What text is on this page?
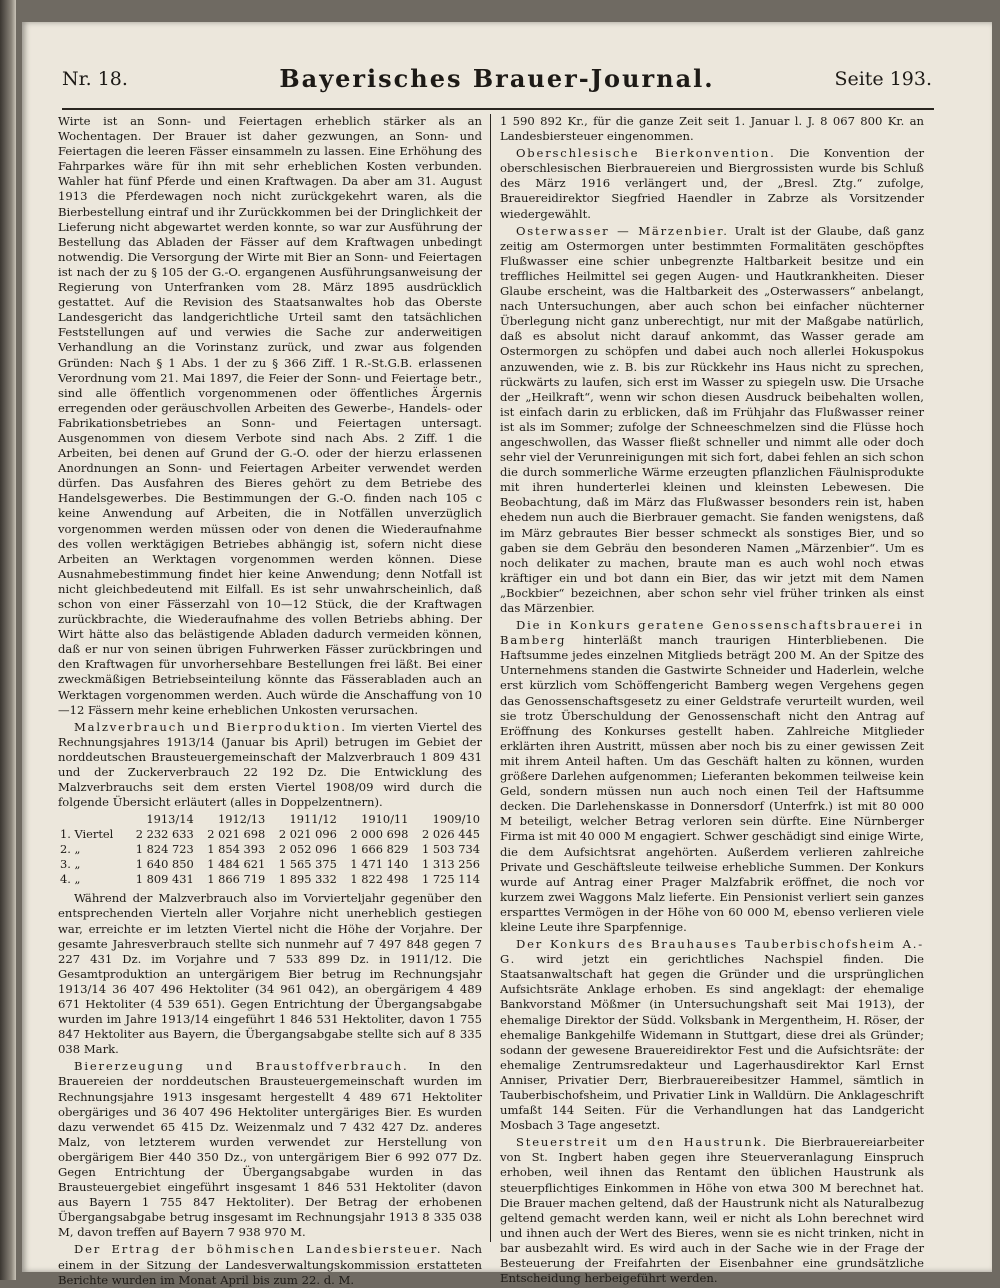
Nr. 18.	Bayerisches Brauer-Journal.	Seite 193.

Wirte ist an Sonn- und Feiertagen erheblich stärker als an Wochentagen. Der Brauer ist daher gezwungen, an Sonn- und Feiertagen die leeren Fässer einsammeln zu lassen. Eine Erhöhung des Fahrparkes wäre für ihn mit sehr erheblichen Kosten verbunden. Wahler hat fünf Pferde und einen Kraftwagen. Da aber am 31. August 1913 die Pferdewagen noch nicht zurückgekehrt waren, als die Bierbestellung eintraf und ihr Zurückkommen bei der Dringlichkeit der Lieferung nicht abgewartet werden konnte, so war zur Ausführung der Bestellung das Abladen der Fässer auf dem Kraftwagen unbedingt notwendig. Die Versorgung der Wirte mit Bier an Sonn- und Feiertagen ist nach der zu § 105 der G.-O. ergangenen Ausführungsanweisung der Regierung von Unterfranken vom 28. März 1895 ausdrücklich gestattet. Auf die Revision des Staatsanwaltes hob das Oberste Landesgericht das landgerichtliche Urteil samt den tatsächlichen Feststellungen auf und verwies die Sache zur anderweitigen Verhandlung an die Vorinstanz zurück, und zwar aus folgenden Gründen: Nach § 1 Abs. 1 der zu § 366 Ziff. 1 R.-St.G.B. erlassenen Verordnung vom 21. Mai 1897, die Feier der Sonn- und Feiertage betr., sind alle öffentlich vorgenommenen oder öffentliches Ärgernis erregenden oder geräuschvollen Arbeiten des Gewerbe-, Handels- oder Fabrikationsbetriebes an Sonn- und Feiertagen untersagt. Ausgenommen von diesem Verbote sind nach Abs. 2 Ziff. 1 die Arbeiten, bei denen auf Grund der G.-O. oder der hierzu erlassenen Anordnungen an Sonn- und Feiertagen Arbeiter verwendet werden dürfen. Das Ausfahren des Bieres gehört zu dem Betriebe des Handelsgewerbes. Die Bestimmungen der G.-O. finden nach 105 c keine Anwendung auf Arbeiten, die in Notfällen unverzüglich vorgenommen werden müssen oder von denen die Wiederaufnahme des vollen werktägigen Betriebes abhängig ist, sofern nicht diese Arbeiten an Werktagen vorgenommen werden können. Diese Ausnahmebestimmung findet hier keine Anwendung; denn Notfall ist nicht gleichbedeutend mit Eilfall. Es ist sehr unwahrscheinlich, daß schon von einer Fässerzahl von 10—12 Stück, die der Kraftwagen zurückbrachte, die Wiederaufnahme des vollen Betriebs abhing. Der Wirt hätte also das belästigende Abladen dadurch vermeiden können, daß er nur von seinen übrigen Fuhrwerken Fässer zurückbringen und den Kraftwagen für unvorhersehbare Bestellungen frei läßt. Bei einer zweckmäßigen Betriebseinteilung könnte das Fässerabladen auch an Werktagen vorgenommen werden. Auch würde die Anschaffung von 10—12 Fässern mehr keine erheblichen Unkosten verursachen.

Malzverbrauch und Bierproduktion. Im vierten Viertel des Rechnungsjahres 1913/14 (Januar bis April) betrugen im Gebiet der norddeutschen Brausteuergemeinschaft der Malzverbrauch 1 809 431 und der Zuckerverbrauch 22 192 Dz. Die Entwicklung des Malzverbrauchs seit dem ersten Viertel 1908/09 wird durch die folgende Übersicht erläutert (alles in Doppelzentnern).

	1913/14	1912/13	1911/12	1910/11	1909/10
1. Viertel	2 232 633	2 021 698	2 021 096	2 000 698	2 026 445
2. „	1 824 723	1 854 393	2 052 096	1 666 829	1 503 734
3. „	1 640 850	1 484 621	1 565 375	1 471 140	1 313 256
4. „	1 809 431	1 866 719	1 895 332	1 822 498	1 725 114

Während der Malzverbrauch also im Vorvierteljahr gegenüber den entsprechenden Vierteln aller Vorjahre nicht unerheblich gestiegen war, erreichte er im letzten Viertel nicht die Höhe der Vorjahre. Der gesamte Jahresverbrauch stellte sich nunmehr auf 7 497 848 gegen 7 227 431 Dz. im Vorjahre und 7 533 899 Dz. in 1911/12. Die Gesamtproduktion an untergärigem Bier betrug im Rechnungsjahr 1913/14 36 407 496 Hektoliter (34 961 042), an obergärigem 4 489 671 Hektoliter (4 539 651). Gegen Entrichtung der Übergangsabgabe wurden im Jahre 1913/14 eingeführt 1 846 531 Hektoliter, davon 1 755 847 Hektoliter aus Bayern, die Übergangsabgabe stellte sich auf 8 335 038 Mark.

Biererzeugung und Braustoffverbrauch. In den Brauereien der norddeutschen Brausteuergemeinschaft wurden im Rechnungsjahre 1913 insgesamt hergestellt 4 489 671 Hektoliter obergäriges und 36 407 496 Hektoliter untergäriges Bier. Es wurden dazu verwendet 65 415 Dz. Weizenmalz und 7 432 427 Dz. anderes Malz, von letzterem wurden verwendet zur Herstellung von obergärigem Bier 440 350 Dz., von untergärigem Bier 6 992 077 Dz. Gegen Entrichtung der Übergangsabgabe wurden in das Brausteuergebiet eingeführt insgesamt 1 846 531 Hektoliter (davon aus Bayern 1 755 847 Hektoliter). Der Betrag der erhobenen Übergangsabgabe betrug insgesamt im Rechnungsjahr 1913 8 335 038 M, davon treffen auf Bayern 7 938 970 M.

Der Ertrag der böhmischen Landesbiersteuer. Nach einem in der Sitzung der Landesverwaltungskommission erstatteten Berichte wurden im Monat April bis zum 22. d. M.

1 590 892 Kr., für die ganze Zeit seit 1. Januar l. J. 8 067 800 Kr. an Landesbiersteuer eingenommen.

Oberschlesische Bierkonvention. Die Konvention der oberschlesischen Bierbrauereien und Biergrossisten wurde bis Schluß des März 1916 verlängert und, der „Bresl. Ztg.“ zufolge, Brauereidirektor Siegfried Haendler in Zabrze als Vorsitzender wiedergewählt.

Osterwasser — Märzenbier. Uralt ist der Glaube, daß ganz zeitig am Ostermorgen unter bestimmten Formalitäten geschöpftes Flußwasser eine schier unbegrenzte Haltbarkeit besitze und ein treffliches Heilmittel sei gegen Augen- und Hautkrankheiten. Dieser Glaube erscheint, was die Haltbarkeit des „Osterwassers“ anbelangt, nach Untersuchungen, aber auch schon bei einfacher nüchterner Überlegung nicht ganz unberechtigt, nur mit der Maßgabe natürlich, daß es absolut nicht darauf ankommt, das Wasser gerade am Ostermorgen zu schöpfen und dabei auch noch allerlei Hokuspokus anzuwenden, wie z. B. bis zur Rückkehr ins Haus nicht zu sprechen, rückwärts zu laufen, sich erst im Wasser zu spiegeln usw. Die Ursache der „Heilkraft“, wenn wir schon diesen Ausdruck beibehalten wollen, ist einfach darin zu erblicken, daß im Frühjahr das Flußwasser reiner ist als im Sommer; zufolge der Schneeschmelzen sind die Flüsse hoch angeschwollen, das Wasser fließt schneller und nimmt alle oder doch sehr viel der Verunreinigungen mit sich fort, dabei fehlen an sich schon die durch sommerliche Wärme erzeugten pflanzlichen Fäulnisprodukte mit ihren hunderterlei kleinen und kleinsten Lebewesen. Die Beobachtung, daß im März das Flußwasser besonders rein ist, haben ehedem nun auch die Bierbrauer gemacht. Sie fanden wenigstens, daß im März gebrautes Bier besser schmeckt als sonstiges Bier, und so gaben sie dem Gebräu den besonderen Namen „Märzenbier“. Um es noch delikater zu machen, braute man es auch wohl noch etwas kräftiger ein und bot dann ein Bier, das wir jetzt mit dem Namen „Bockbier“ bezeichnen, aber schon sehr viel früher trinken als einst das Märzenbier.

Die in Konkurs geratene Genossenschaftsbrauerei in Bamberg hinterläßt manch traurigen Hinterbliebenen. Die Haftsumme jedes einzelnen Mitglieds beträgt 200 M. An der Spitze des Unternehmens standen die Gastwirte Schneider und Haderlein, welche erst kürzlich vom Schöffengericht Bamberg wegen Vergehens gegen das Genossenschaftsgesetz zu einer Geldstrafe verurteilt wurden, weil sie trotz Überschuldung der Genossenschaft nicht den Antrag auf Eröffnung des Konkurses gestellt haben. Zahlreiche Mitglieder erklärten ihren Austritt, müssen aber noch bis zu einer gewissen Zeit mit ihrem Anteil haften. Um das Geschäft halten zu können, wurden größere Darlehen aufgenommen; Lieferanten bekommen teilweise kein Geld, sondern müssen nun auch noch einen Teil der Haftsumme decken. Die Darlehenskasse in Donnersdorf (Unterfrk.) ist mit 80 000 M beteiligt, welcher Betrag verloren sein dürfte. Eine Nürnberger Firma ist mit 40 000 M engagiert. Schwer geschädigt sind einige Wirte, die dem Aufsichtsrat angehörten. Außerdem verlieren zahlreiche Private und Geschäftsleute teilweise erhebliche Summen. Der Konkurs wurde auf Antrag einer Prager Malzfabrik eröffnet, die noch vor kurzem zwei Waggons Malz lieferte. Ein Pensionist verliert sein ganzes ersparttes Vermögen in der Höhe von 60 000 M, ebenso verlieren viele kleine Leute ihre Sparpfennige.

Der Konkurs des Brauhauses Tauberbischofsheim A.-G. wird jetzt ein gerichtliches Nachspiel finden. Die Staatsanwaltschaft hat gegen die Gründer und die ursprünglichen Aufsichtsräte Anklage erhoben. Es sind angeklagt: der ehemalige Bankvorstand Mößmer (in Untersuchungshaft seit Mai 1913), der ehemalige Direktor der Südd. Volksbank in Mergentheim, H. Röser, der ehemalige Bankgehilfe Widemann in Stuttgart, diese drei als Gründer; sodann der gewesene Brauereidirektor Fest und die Aufsichtsräte: der ehemalige Zentrumsredakteur und Lagerhausdirektor Karl Ernst Anniser, Privatier Derr, Bierbrauereibesitzer Hammel, sämtlich in Tauberbischofsheim, und Privatier Link in Walldürn. Die Anklageschrift umfaßt 144 Seiten. Für die Verhandlungen hat das Landgericht Mosbach 3 Tage angesetzt.

Steuerstreit um den Haustrunk. Die Bierbrauereiarbeiter von St. Ingbert haben gegen ihre Steuerveranlagung Einspruch erhoben, weil ihnen das Rentamt den üblichen Haustrunk als steuerpflichtiges Einkommen in Höhe von etwa 300 M berechnet hat. Die Brauer machen geltend, daß der Haustrunk nicht als Naturalbezug geltend gemacht werden kann, weil er nicht als Lohn berechnet wird und ihnen auch der Wert des Bieres, wenn sie es nicht trinken, nicht in bar ausbezahlt wird. Es wird auch in der Sache wie in der Frage der Besteuerung der Freifahrten der Eisenbahner eine grundsätzliche Entscheidung herbeigeführt werden.
